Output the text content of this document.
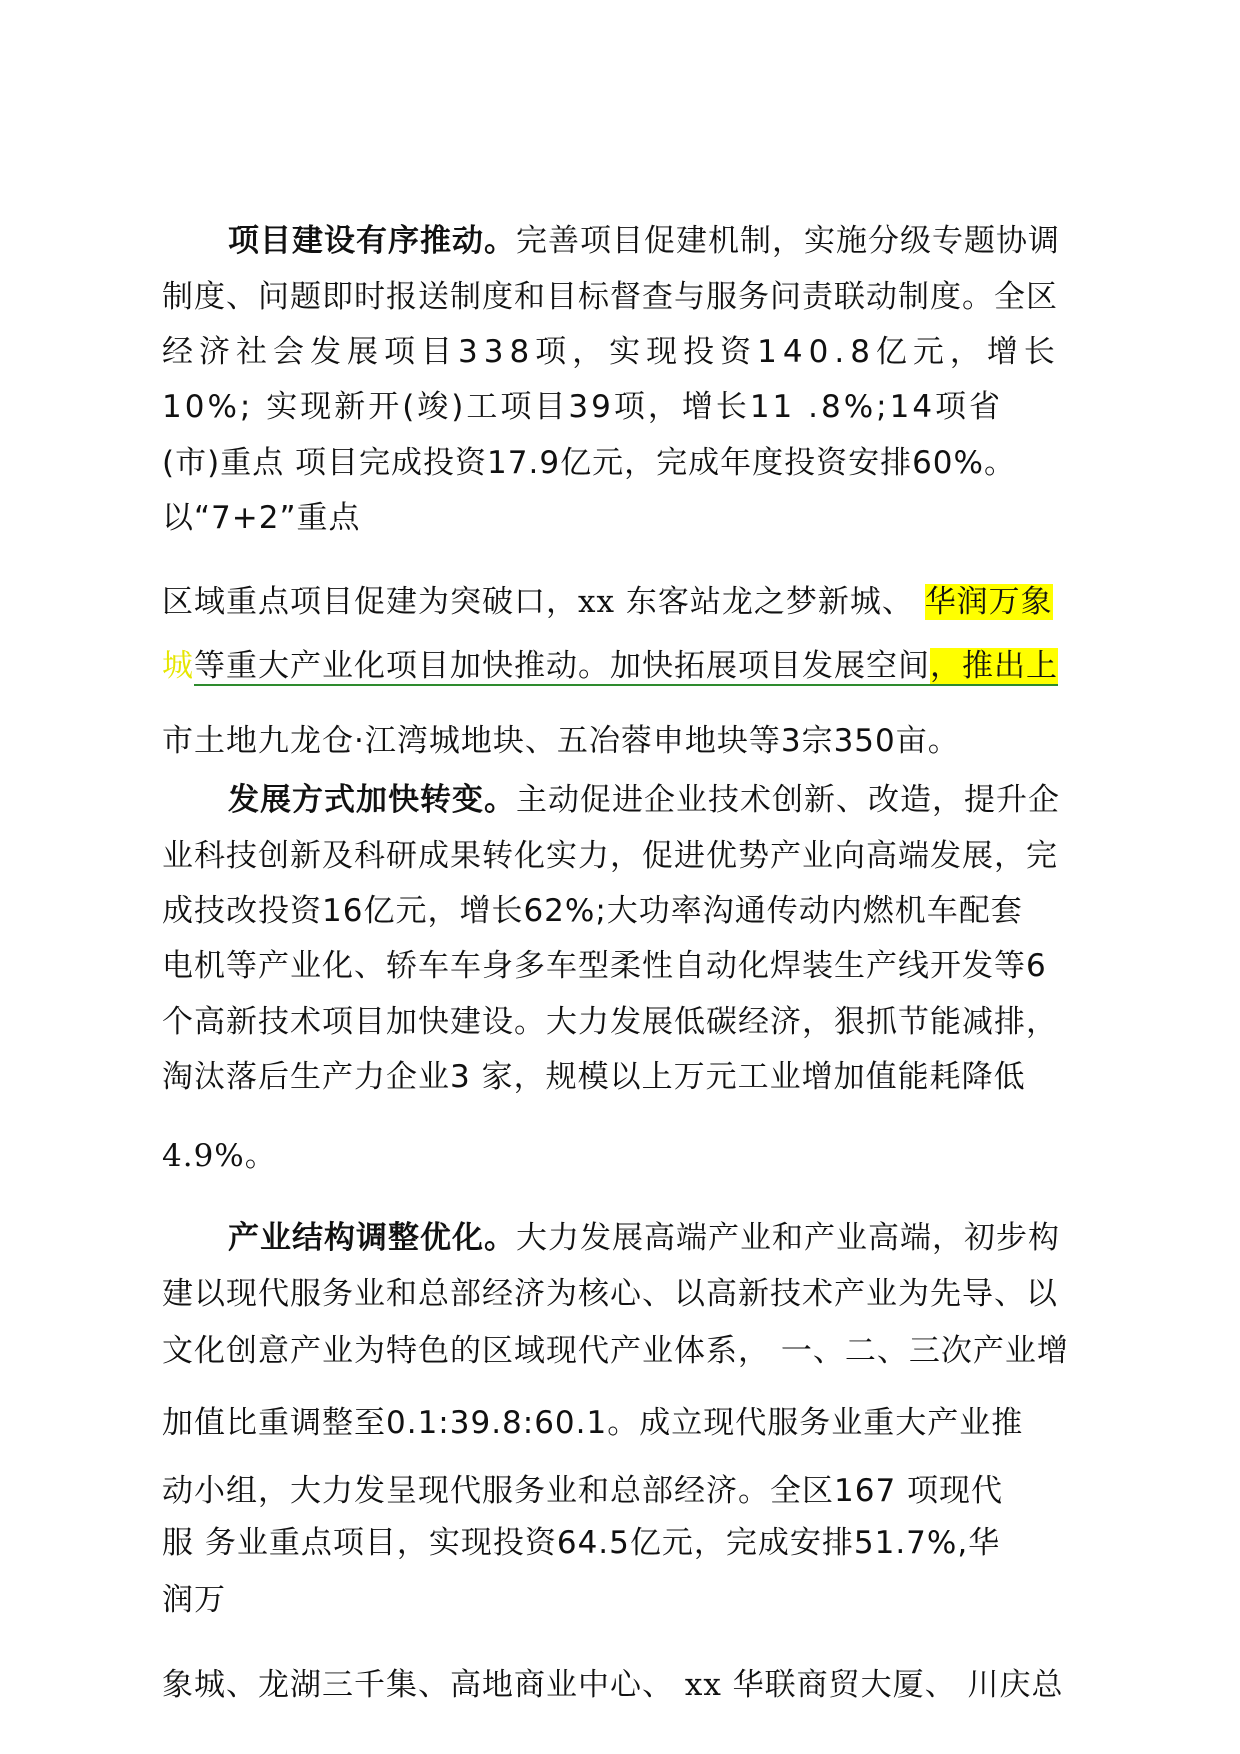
项目建设有序推动。完善项目促建机制，实施分级专题协调
制度、问题即时报送制度和目标督查与服务问责联动制度。全区
经济社会发展项目338项，实现投资140.8亿元，增长
10%; 实现新开(竣)工项目39项，增长11 .8%;14项省
(市)重点 项目完成投资17.9亿元，完成年度投资安排60%。
以“7+2”重点
区域重点项目促建为突破口，xx 东客站龙之梦新城、 华润万象
城等重大产业化项目加快推动。加快拓展项目发展空间，推出上
市土地九龙仓·江湾城地块、五冶蓉申地块等3宗350亩。
发展方式加快转变。主动促进企业技术创新、改造，提升企
业科技创新及科研成果转化实力，促进优势产业向高端发展，完
成技改投资16亿元，增长62%;大功率沟通传动内燃机车配套
电机等产业化、轿车车身多车型柔性自动化焊装生产线开发等6
个高新技术项目加快建设。大力发展低碳经济，狠抓节能减排，
淘汰落后生产力企业3 家，规模以上万元工业增加值能耗降低
4.9%。
产业结构调整优化。大力发展高端产业和产业高端，初步构
建以现代服务业和总部经济为核心、以高新技术产业为先导、以
文化创意产业为特色的区域现代产业体系， 一、二、三次产业增
加值比重调整至0.1:39.8:60.1。成立现代服务业重大产业推
动小组，大力发呈现代服务业和总部经济。全区167 项现代
服 务业重点项目，实现投资64.5亿元，完成安排51.7%,华
润万
象城、龙湖三千集、高地商业中心、 xx 华联商贸大厦、 川庆总
